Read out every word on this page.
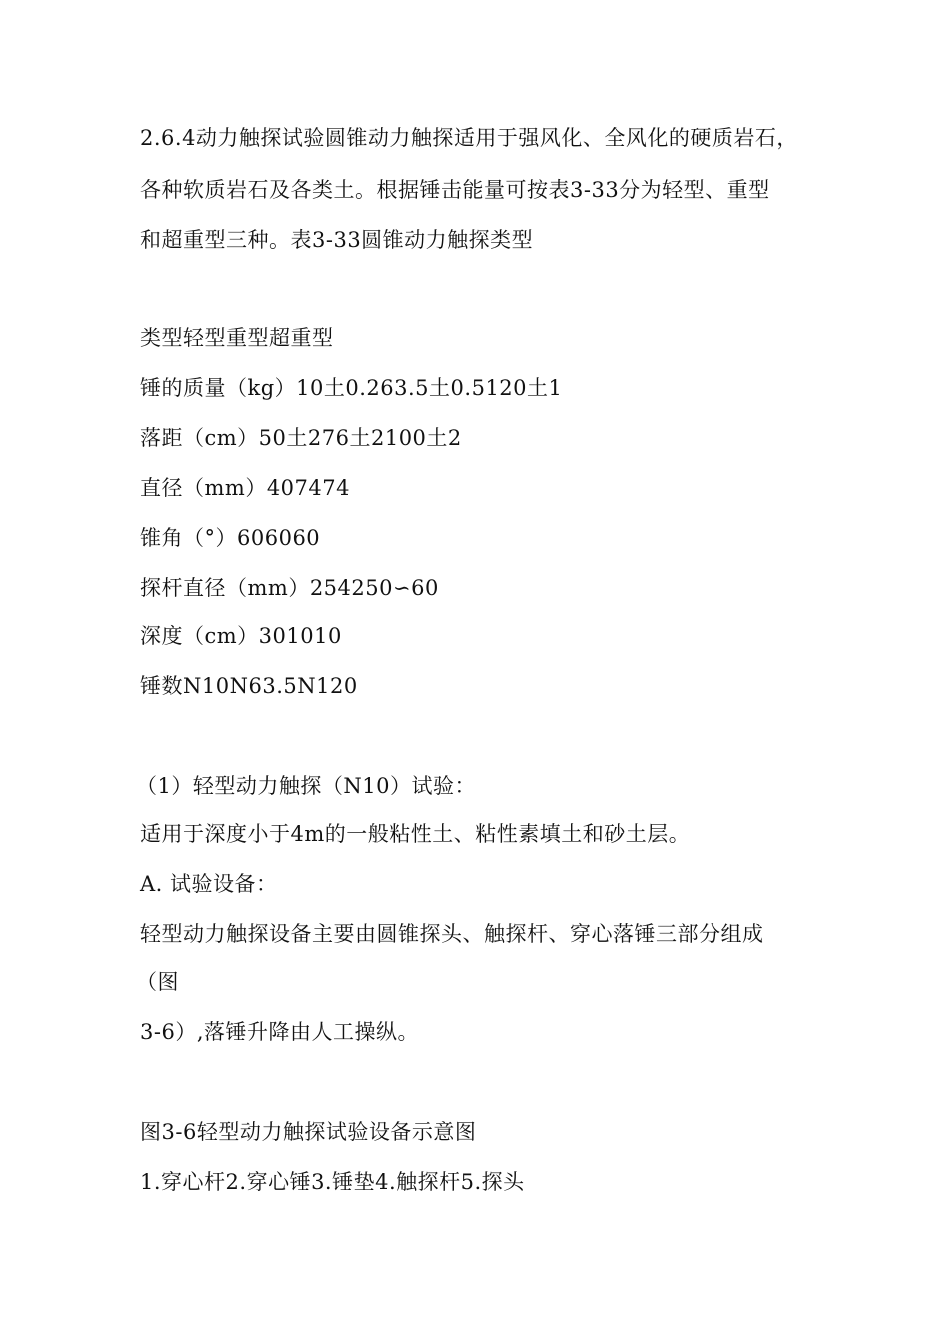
2.6.4动力触探试验圆锥动力触探适用于强风化、全风化的硬质岩石，
各种软质岩石及各类土。根据锤击能量可按表3-33分为轻型、重型
和超重型三种。表3-33圆锥动力触探类型
类型轻型重型超重型
锤的质量（kg）10土0.263.5土0.5120土1
落距（cm）50土276土2100土2
直径（mm）407474
锥角（°）606060
探杆直径（mm）254250∽60
深度（cm）301010
锤数N10N63.5N120
（1）轻型动力触探（N10）试验：
适用于深度小于4m的一般粘性土、粘性素填土和砂土层。
A. 试验设备：
轻型动力触探设备主要由圆锥探头、触探杆、穿心落锤三部分组成
（图
3-6）,落锤升降由人工操纵。
图3-6轻型动力触探试验设备示意图
1.穿心杆2.穿心锤3.锤垫4.触探杆5.探头
